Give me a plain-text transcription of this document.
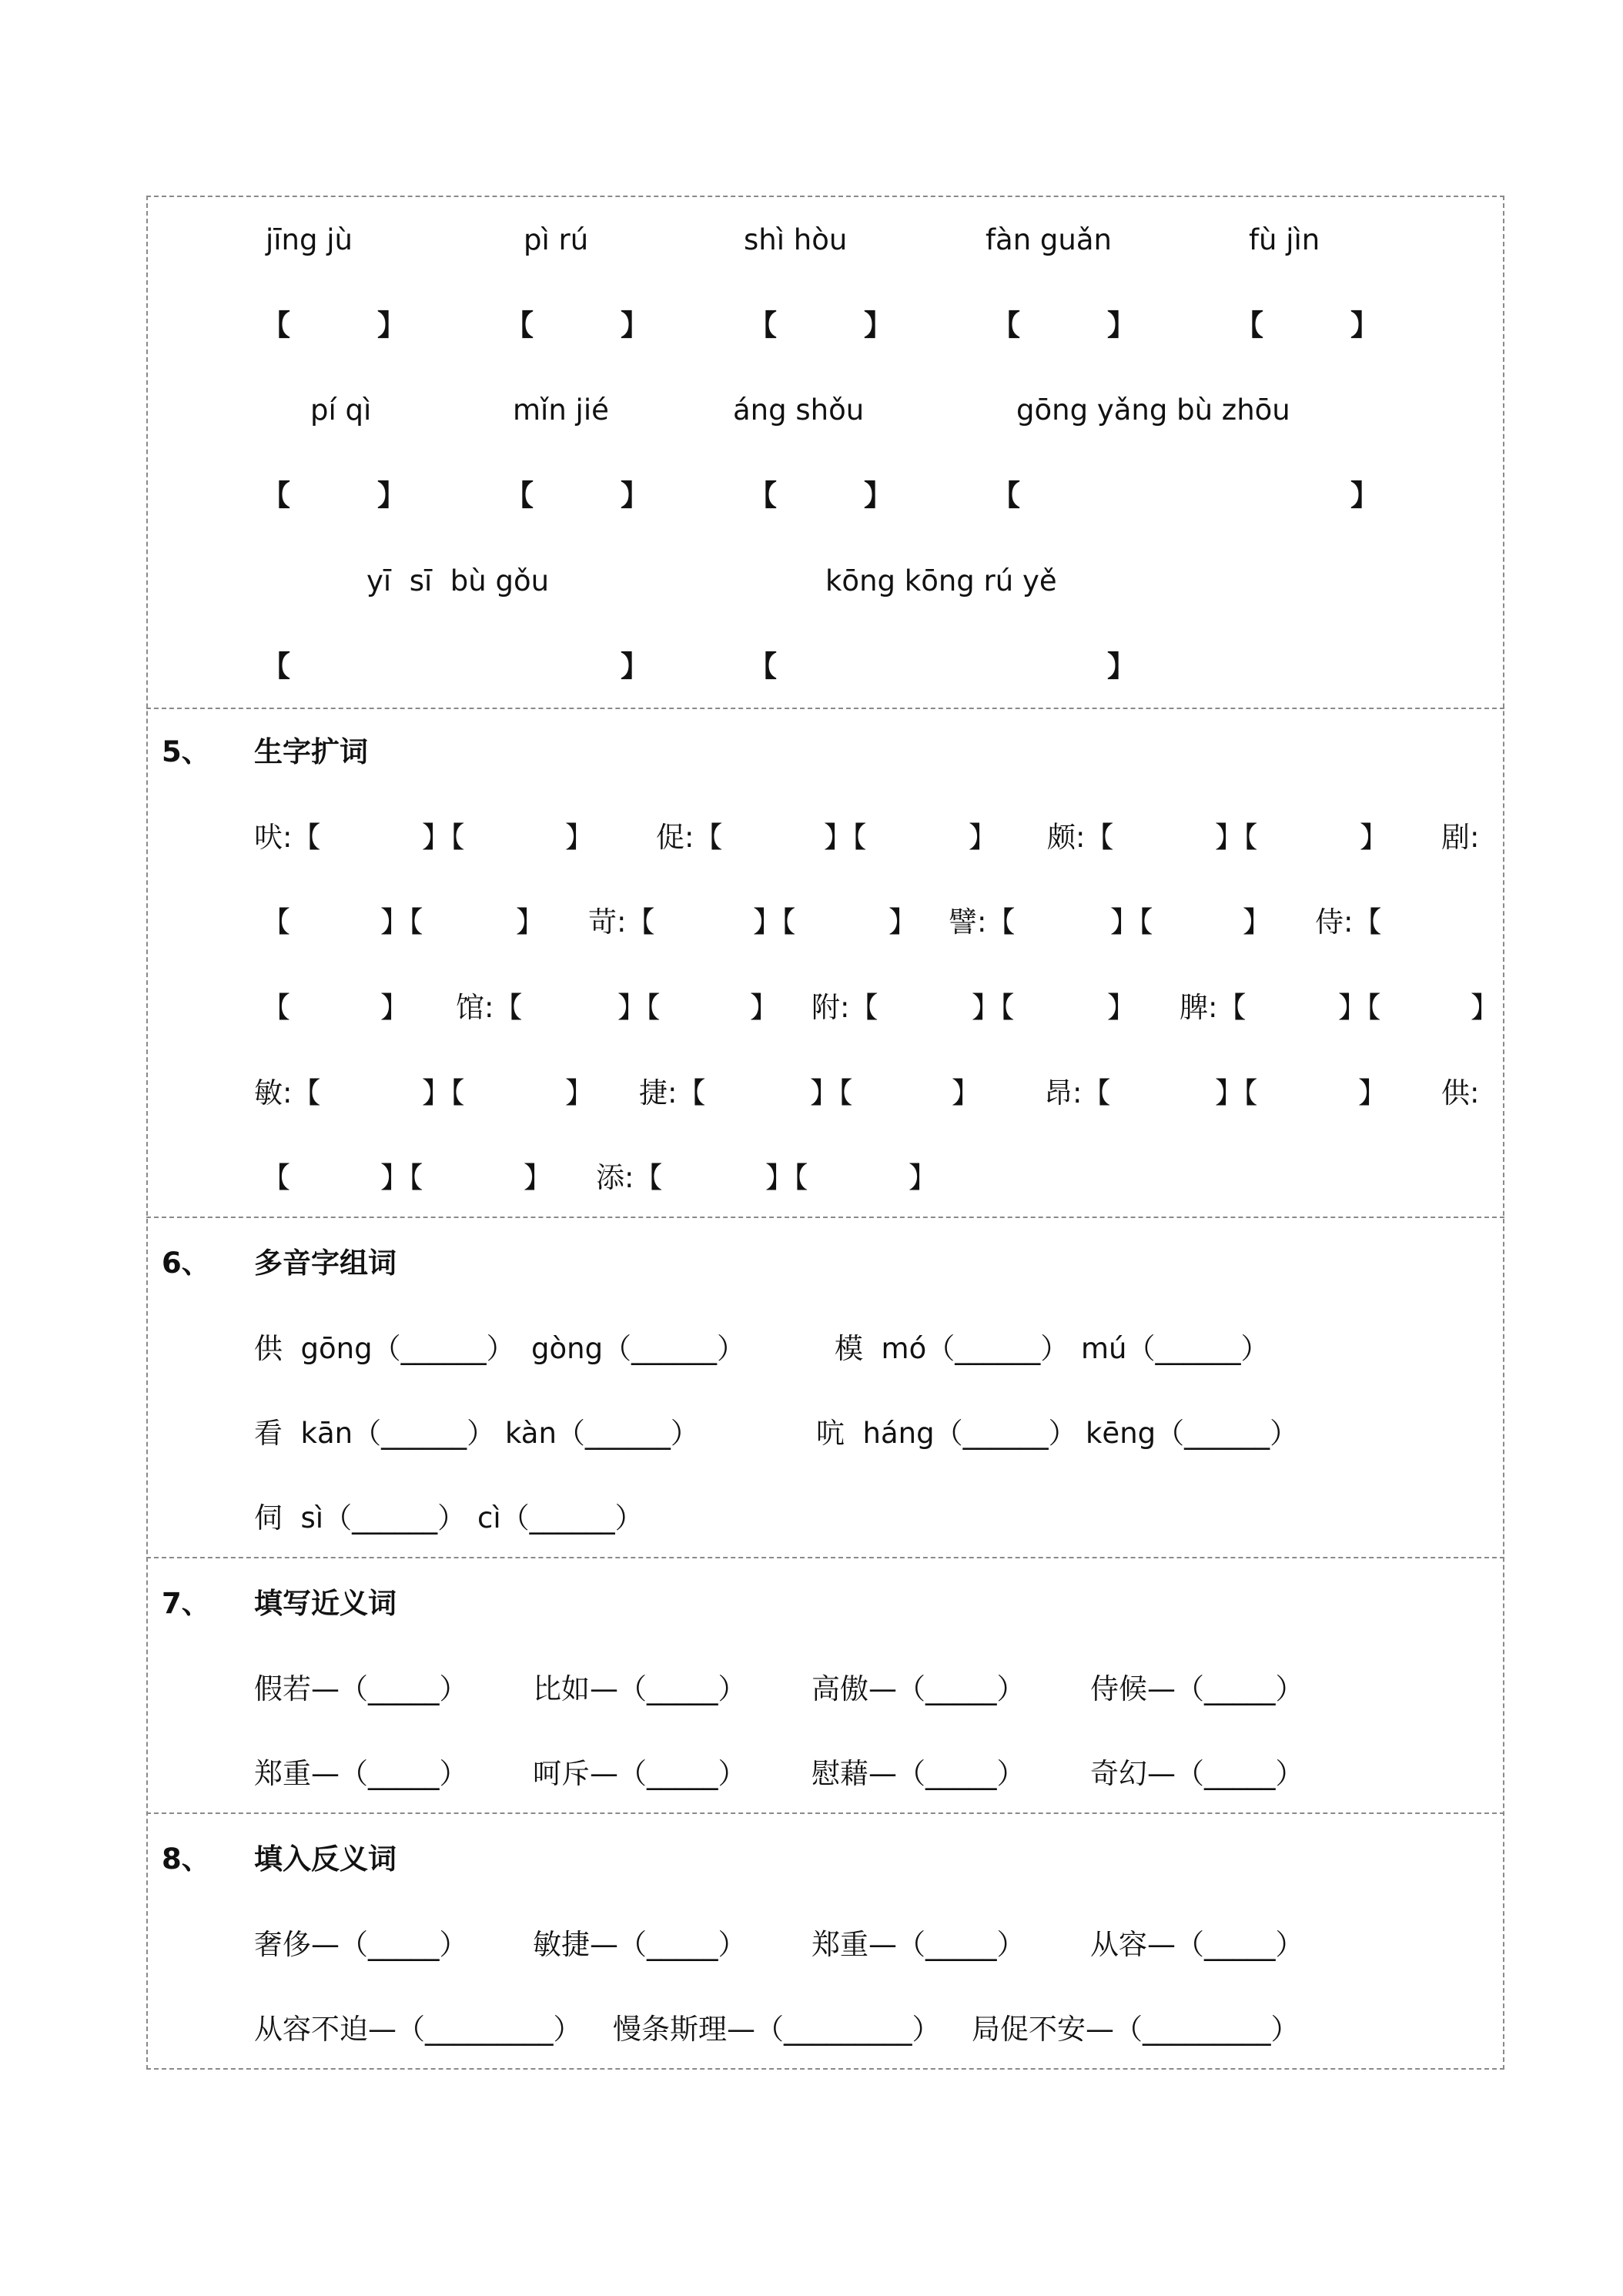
jīng jù	pì rú	shì hòu	fàn guǎn	fù jìn
【	】	【	】	【	】	【	】	【	】
pí qì	mǐn jié	áng shǒu	gōng yǎng bù zhōu
【	】	【	】	【	】	【	】
yī  sī  bù gǒu	kōng kōng rú yě
【	】	【	】
5、 生字扩词
吠:【	】【	】 促:【	】【	】 颇:【	】【	】 剧:
【	】【	】 苛:【	】【	】 譬:【	】【	】 侍:【
【	】 馆:【	】【	】 附:【	】【	】 脾:【	】【	】
敏:【	】【	】 捷:【	】【	】 昂:【	】【	】 供:
【	】【	】 添:【	】【	】
6、 多音字组词
供  gōng（______） gòng（______）	模  mó（______） mú（______）
看  kān（______） kàn（______）	吭  háng（______） kēng（______）
伺  sì（______） cì（______）
7、 填写近义词
假若—（_____） 比如—（_____） 高傲—（_____） 侍候—（_____）
郑重—（_____） 呵斥—（_____） 慰藉—（_____） 奇幻—（_____）
8、 填入反义词
奢侈—（_____） 敏捷—（_____） 郑重—（_____） 从容—（_____）
从容不迫—（_________） 慢条斯理—（_________） 局促不安—（_________）
